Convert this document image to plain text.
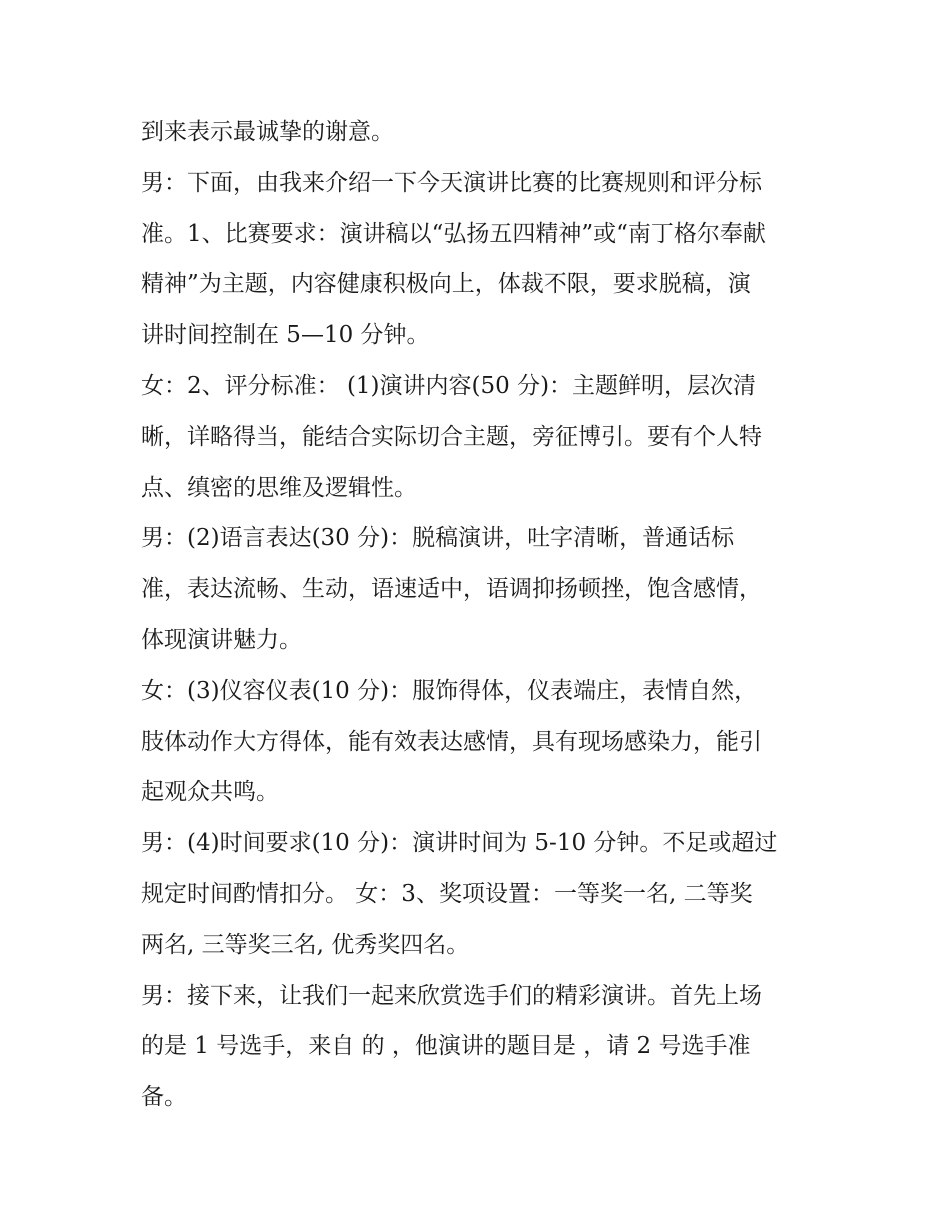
到来表示最诚挚的谢意。

男：下面，由我来介绍一下今天演讲比赛的比赛规则和评分标

准。1、比赛要求：演讲稿以“弘扬五四精神”或“南丁格尔奉献

精神”为主题，内容健康积极向上，体裁不限，要求脱稿，演

讲时间控制在 5—10 分钟。

女：2、评分标准： (1)演讲内容(50 分)：主题鲜明，层次清

晰，详略得当，能结合实际切合主题，旁征博引。要有个人特

点、缜密的思维及逻辑性。

男：(2)语言表达(30 分)：脱稿演讲，吐字清晰，普通话标

准，表达流畅、生动，语速适中，语调抑扬顿挫，饱含感情，

体现演讲魅力。

女：(3)仪容仪表(10 分)：服饰得体，仪表端庄，表情自然，

肢体动作大方得体，能有效表达感情，具有现场感染力，能引

起观众共鸣。

男：(4)时间要求(10 分)：演讲时间为 5-10 分钟。不足或超过

规定时间酌情扣分。 女：3、奖项设置：一等奖一名, 二等奖

两名, 三等奖三名, 优秀奖四名。

男：接下来，让我们一起来欣赏选手们的精彩演讲。首先上场

的是 1 号选手，来自 的 ，他演讲的题目是 ，请 2 号选手准

备。
